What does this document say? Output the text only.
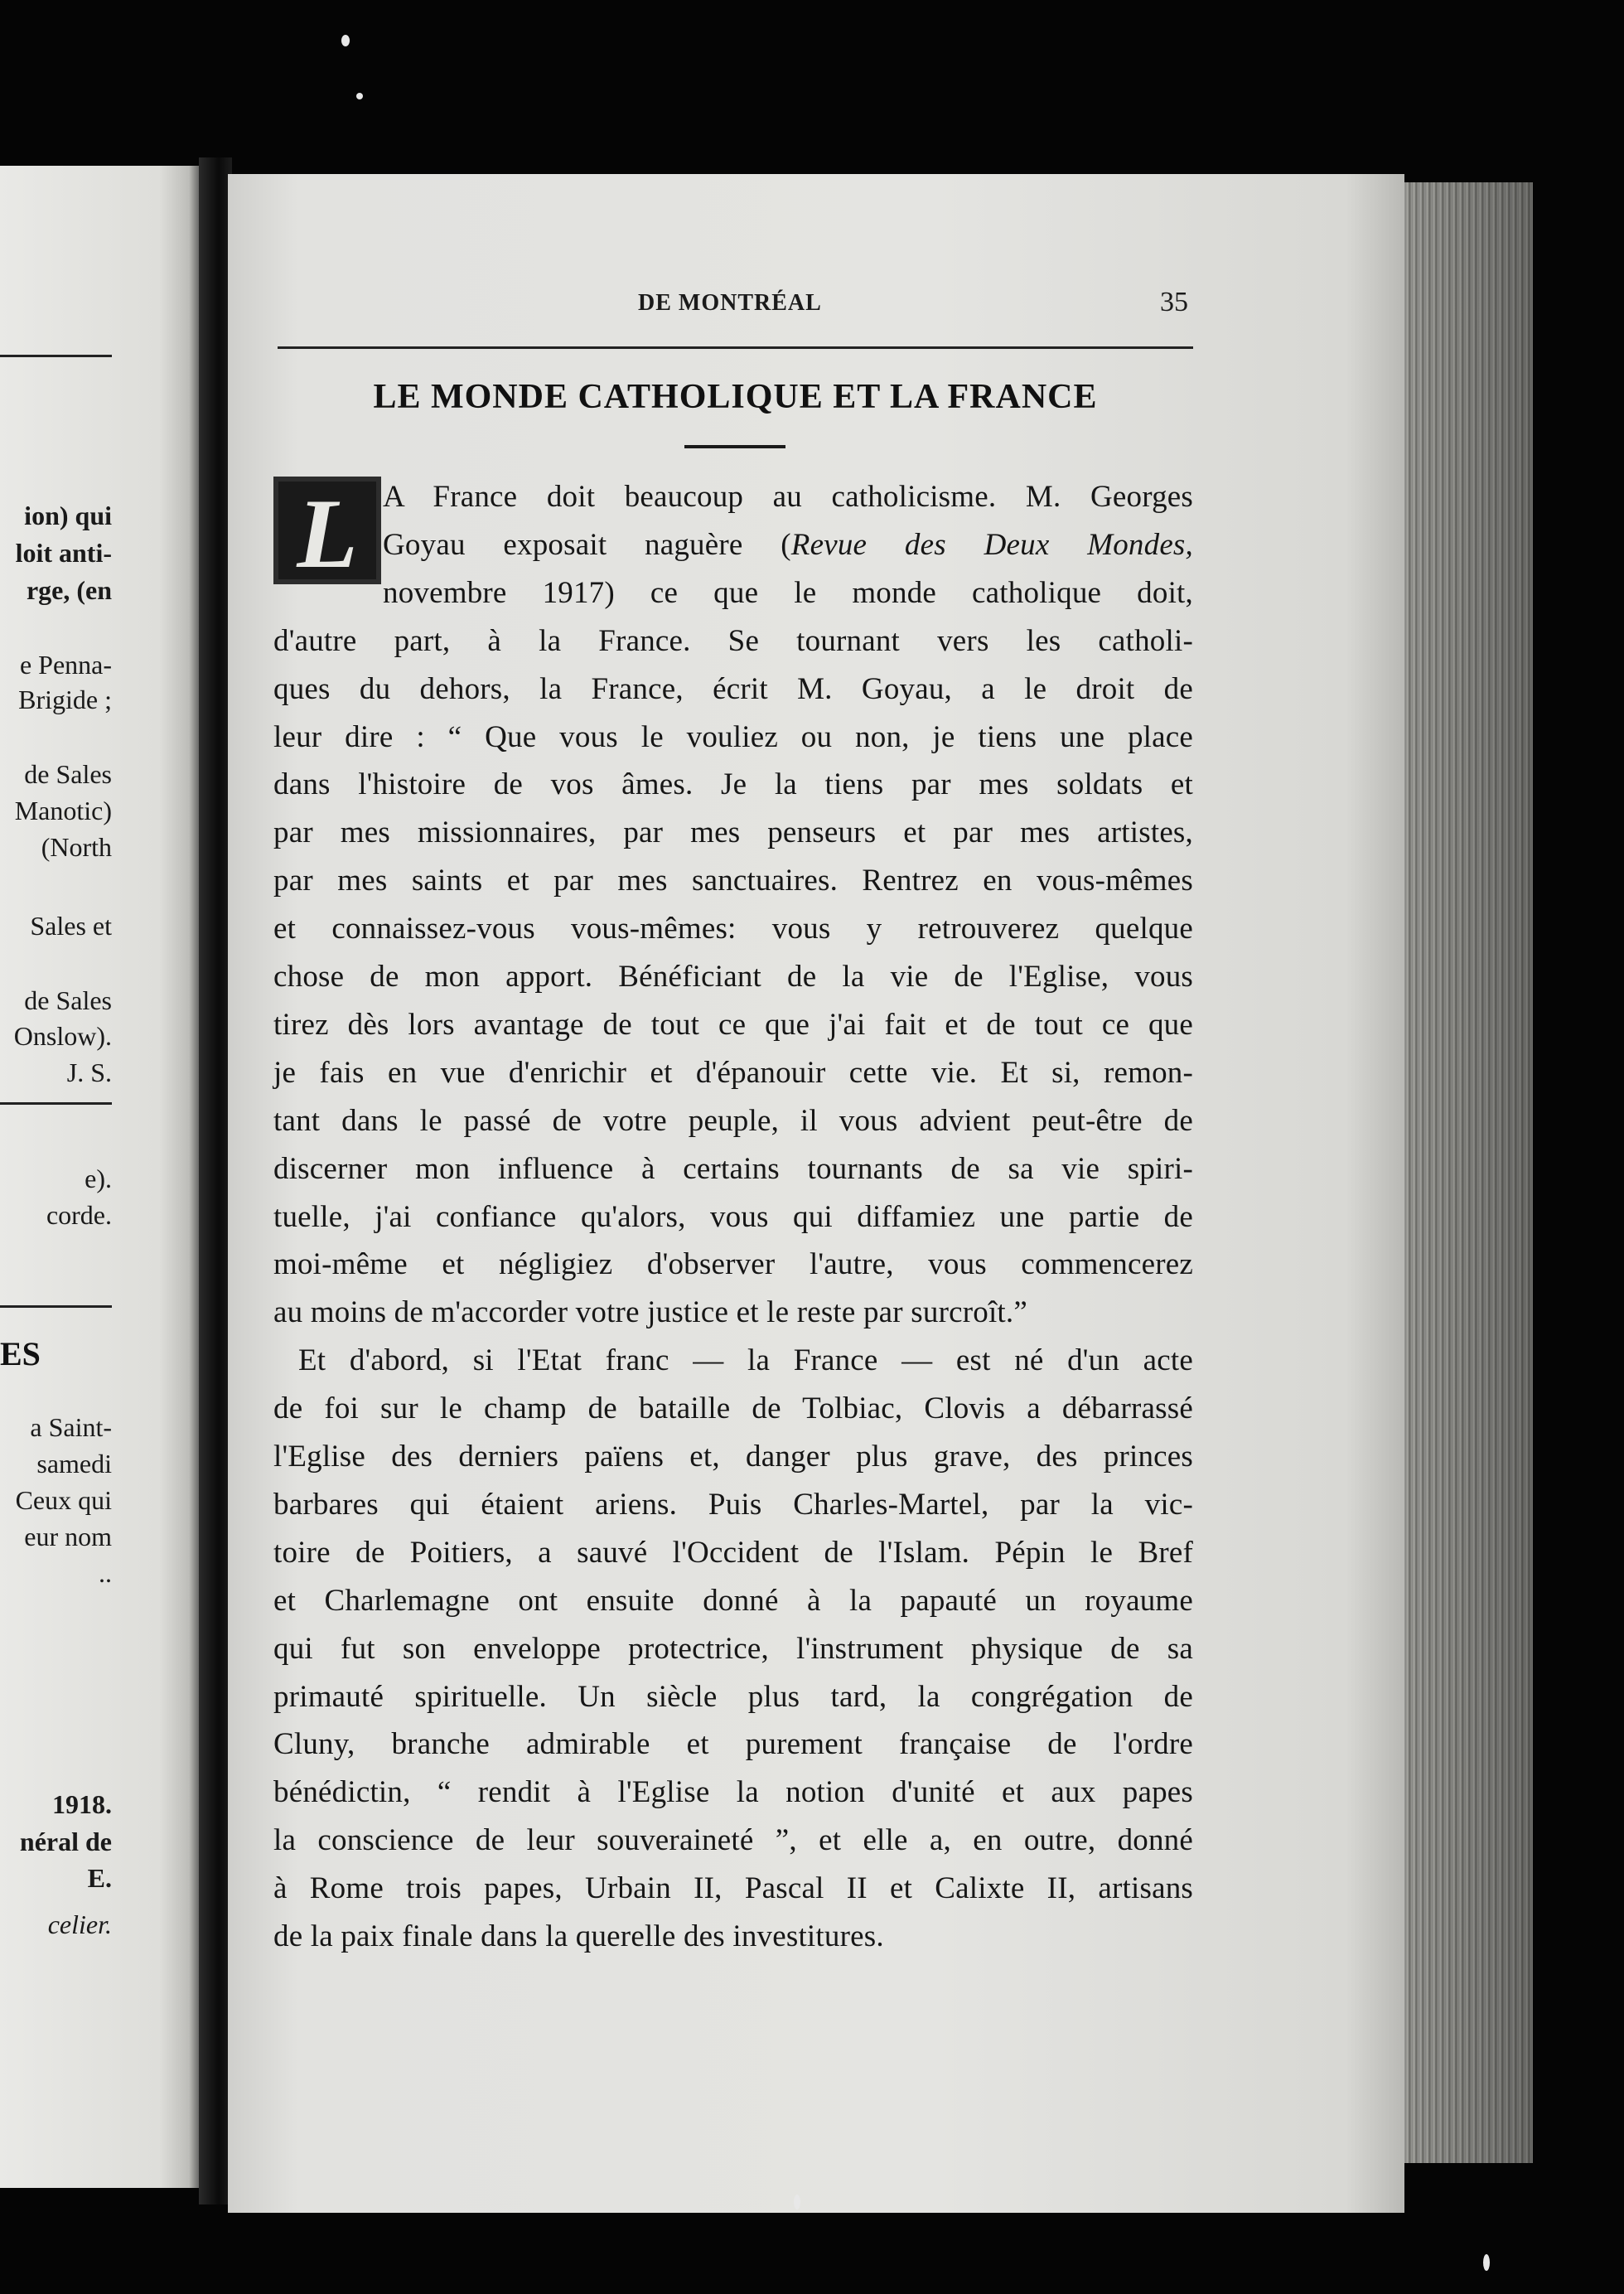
ion) qui
loit anti-
rge, (en
e Penna-
Brigide ;
de Sales
Manotic)
(North
Sales et
de Sales
Onslow).
J. S.
e).
corde.
a Saint-
samedi
Ceux qui
eur nom
..
1918.
néral de
E.
celier.
ES
DE MONTRÉAL	35
LE MONDE CATHOLIQUE ET LA FRANCE
L A France doit beaucoup au catholicisme. M. Georges
Goyau exposait naguère (Revue des Deux Mondes,
novembre 1917) ce que le monde catholique doit,
d'autre part, à la France. Se tournant vers les catholi-
ques du dehors, la France, écrit M. Goyau, a le droit de
leur dire : “ Que vous le vouliez ou non, je tiens une place
dans l'histoire de vos âmes. Je la tiens par mes soldats et
par mes missionnaires, par mes penseurs et par mes artistes,
par mes saints et par mes sanctuaires. Rentrez en vous-mêmes
et connaissez-vous vous-mêmes: vous y retrouverez quelque
chose de mon apport. Bénéficiant de la vie de l'Eglise, vous
tirez dès lors avantage de tout ce que j'ai fait et de tout ce que
je fais en vue d'enrichir et d'épanouir cette vie. Et si, remon-
tant dans le passé de votre peuple, il vous advient peut-être de
discerner mon influence à certains tournants de sa vie spiri-
tuelle, j'ai confiance qu'alors, vous qui diffamiez une partie de
moi-même et négligiez d'observer l'autre, vous commencerez
au moins de m'accorder votre justice et le reste par surcroît.”
Et d'abord, si l'Etat franc — la France — est né d'un acte
de foi sur le champ de bataille de Tolbiac, Clovis a débarrassé
l'Eglise des derniers païens et, danger plus grave, des princes
barbares qui étaient ariens. Puis Charles-Martel, par la vic-
toire de Poitiers, a sauvé l'Occident de l'Islam. Pépin le Bref
et Charlemagne ont ensuite donné à la papauté un royaume
qui fut son enveloppe protectrice, l'instrument physique de sa
primauté spirituelle. Un siècle plus tard, la congrégation de
Cluny, branche admirable et purement française de l'ordre
bénédictin, “ rendit à l'Eglise la notion d'unité et aux papes
la conscience de leur souveraineté ”, et elle a, en outre, donné
à Rome trois papes, Urbain II, Pascal II et Calixte II, artisans
de la paix finale dans la querelle des investitures.
